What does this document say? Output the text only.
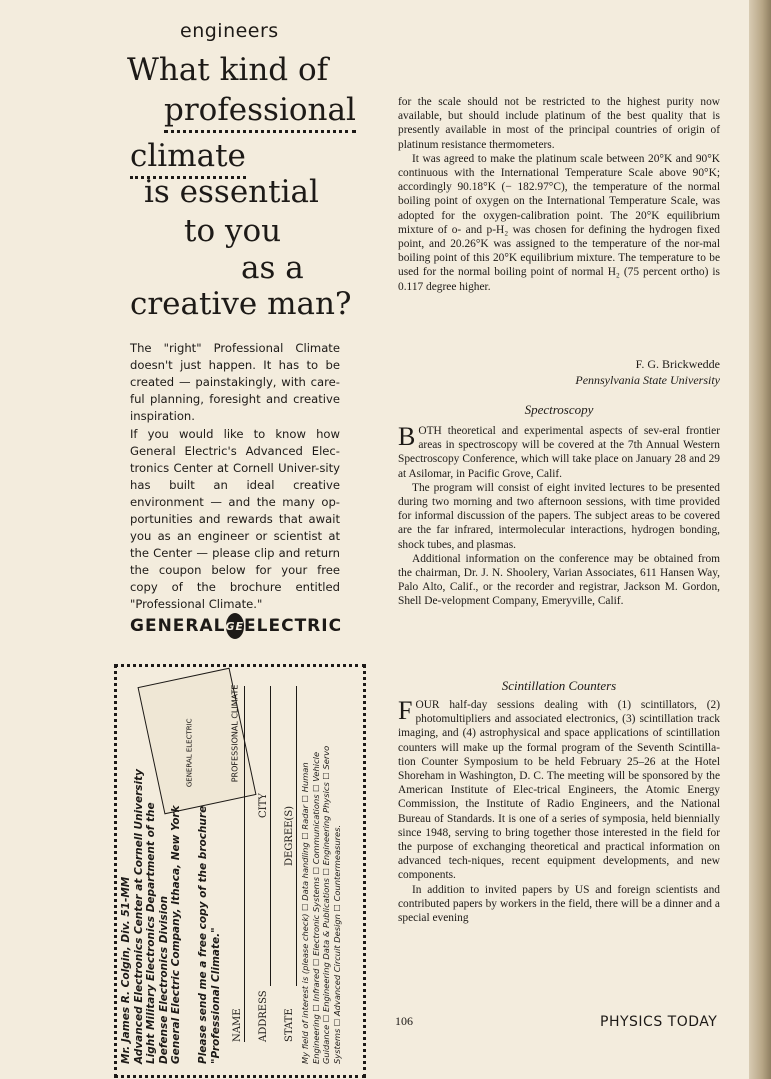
engineers
What kind of
professional
climate
is essential
to you
as a
creative man?
The "right" Professional Climate doesn't just happen. It has to be created — painstakingly, with care-ful planning, foresight and creative inspiration.
If you would like to know how General Electric's Advanced Elec-tronics Center at Cornell Univer-sity has built an ideal creative environment — and the many op-portunities and rewards that await you as an engineer or scientist at the Center — please clip and return the coupon below for your free copy of the brochure entitled "Professional Climate."
GENERAL GE ELECTRIC
PROFESSIONAL CLIMATE
GENERAL ELECTRIC
Mr. James R. Colgin, Div. 51-MM Advanced Electronics Center at Cornell University Light Military Electronics Department of the Defense Electronics Division General Electric Company, Ithaca, New York Please send me a free copy of the brochure "Professional Climate." NAME ADDRESS
CITY
STATE
DEGREE(S) My field of interest is (please check) ☐ Data handling ☐ Radar ☐ Human Engineering ☐ Infrared ☐ Electronic Systems ☐ Communications ☐ Vehicle Guidance ☐ Engineering Data & Publications ☐ Engineering Physics ☐ Servo Systems ☐ Advanced Circuit Design ☐ Countermeasures.

for the scale should not be restricted to the highest purity now available, but should include platinum of the best quality that is presently available in most of the principal countries of origin of platinum resistance thermometers.

It was agreed to make the platinum scale between 20°K and 90°K continuous with the International Temperature Scale above 90°K; accordingly 90.18°K (− 182.97°C), the temperature of the normal boiling point of oxygen on the International Temperature Scale, was adopted for the oxygen-calibration point. The 20°K equilibrium mixture of o- and p-H₂ was chosen for defining the hydrogen fixed point, and 20.26°K was assigned to the temperature of the nor-mal boiling point of this 20°K equilibrium mixture. The temperature to be used for the normal boiling point of normal H₂ (75 percent ortho) is 0.117 degree higher.

F. G. Brickwedde
Pennsylvania State University
Spectroscopy

BOTH theoretical and experimental aspects of sev-eral frontier areas in spectroscopy will be covered at the 7th Annual Western Spectroscopy Conference, which will take place on January 28 and 29 at Asilomar, in Pacific Grove, Calif.

The program will consist of eight invited lectures to be presented during two morning and two afternoon sessions, with time provided for informal discussion of the papers. The subject areas to be covered are the far infrared, intermolecular interactions, hydrogen bonding, shock tubes, and plasmas.

Additional information on the conference may be obtained from the chairman, Dr. J. N. Shoolery, Varian Associates, 611 Hansen Way, Palo Alto, Calif., or the recorder and registrar, Jackson M. Gordon, Shell De-velopment Company, Emeryville, Calif.

Scintillation Counters

FOUR half-day sessions dealing with (1) scintillators, (2) photomultipliers and associated electronics, (3) scintillation track imaging, and (4) astrophysical and space applications of scintillation counters will make up the formal program of the Seventh Scintilla-tion Counter Symposium to be held February 25–26 at the Hotel Shoreham in Washington, D. C. The meeting will be sponsored by the American Institute of Elec-trical Engineers, the Atomic Energy Commission, the Institute of Radio Engineers, and the National Bureau of Standards. It is one of a series of symposia, held biennially since 1948, serving to bring together those interested in the field for the purpose of exchanging theoretical and practical information on advanced tech-niques, recent equipment developments, and new components.

In addition to invited papers by US and foreign scientists and contributed papers by workers in the field, there will be a dinner and a special evening

106	PHYSICS TODAY
